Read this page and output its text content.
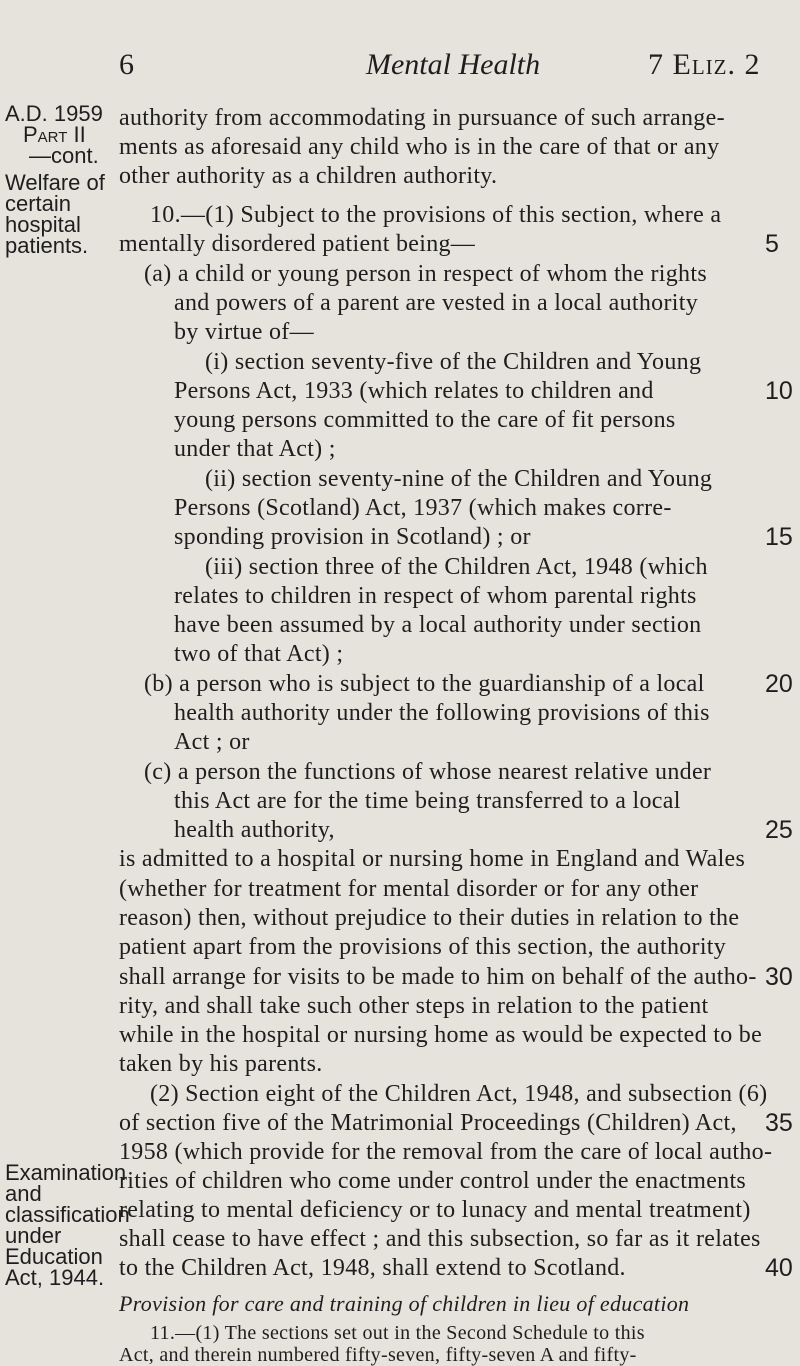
6	Mental Health	7 Eliz. 2
A.D. 1959
Part II
—cont.
Welfare of
certain
hospital
patients.
Examination
and
classification
under
Education
Act, 1944.
authority from accommodating in pursuance of such arrange-
ments as aforesaid any child who is in the care of that or any
other authority as a children authority.
10.—(1) Subject to the provisions of this section, where a
mentally disordered patient being—
(a) a child or young person in respect of whom the rights
and powers of a parent are vested in a local authority
by virtue of—
(i) section seventy-five of the Children and Young
Persons Act, 1933 (which relates to children and
young persons committed to the care of fit persons
under that Act) ;
(ii) section seventy-nine of the Children and Young
Persons (Scotland) Act, 1937 (which makes corre-
sponding provision in Scotland) ; or
(iii) section three of the Children Act, 1948 (which
relates to children in respect of whom parental rights
have been assumed by a local authority under section
two of that Act) ;
(b) a person who is subject to the guardianship of a local
health authority under the following provisions of this
Act ; or
(c) a person the functions of whose nearest relative under
this Act are for the time being transferred to a local
health authority,
is admitted to a hospital or nursing home in England and Wales
(whether for treatment for mental disorder or for any other
reason) then, without prejudice to their duties in relation to the
patient apart from the provisions of this section, the authority
shall arrange for visits to be made to him on behalf of the autho-
rity, and shall take such other steps in relation to the patient
while in the hospital or nursing home as would be expected to be
taken by his parents.
(2) Section eight of the Children Act, 1948, and subsection (6)
of section five of the Matrimonial Proceedings (Children) Act,
1958 (which provide for the removal from the care of local autho-
rities of children who come under control under the enactments
relating to mental deficiency or to lunacy and mental treatment)
shall cease to have effect ; and this subsection, so far as it relates
to the Children Act, 1948, shall extend to Scotland.
Provision for care and training of children in lieu of education
5
10
15
20
25
30
35
40
11.—(1) The sections set out in the Second Schedule to this
Act, and therein numbered fifty-seven, fifty-seven A and fifty-
